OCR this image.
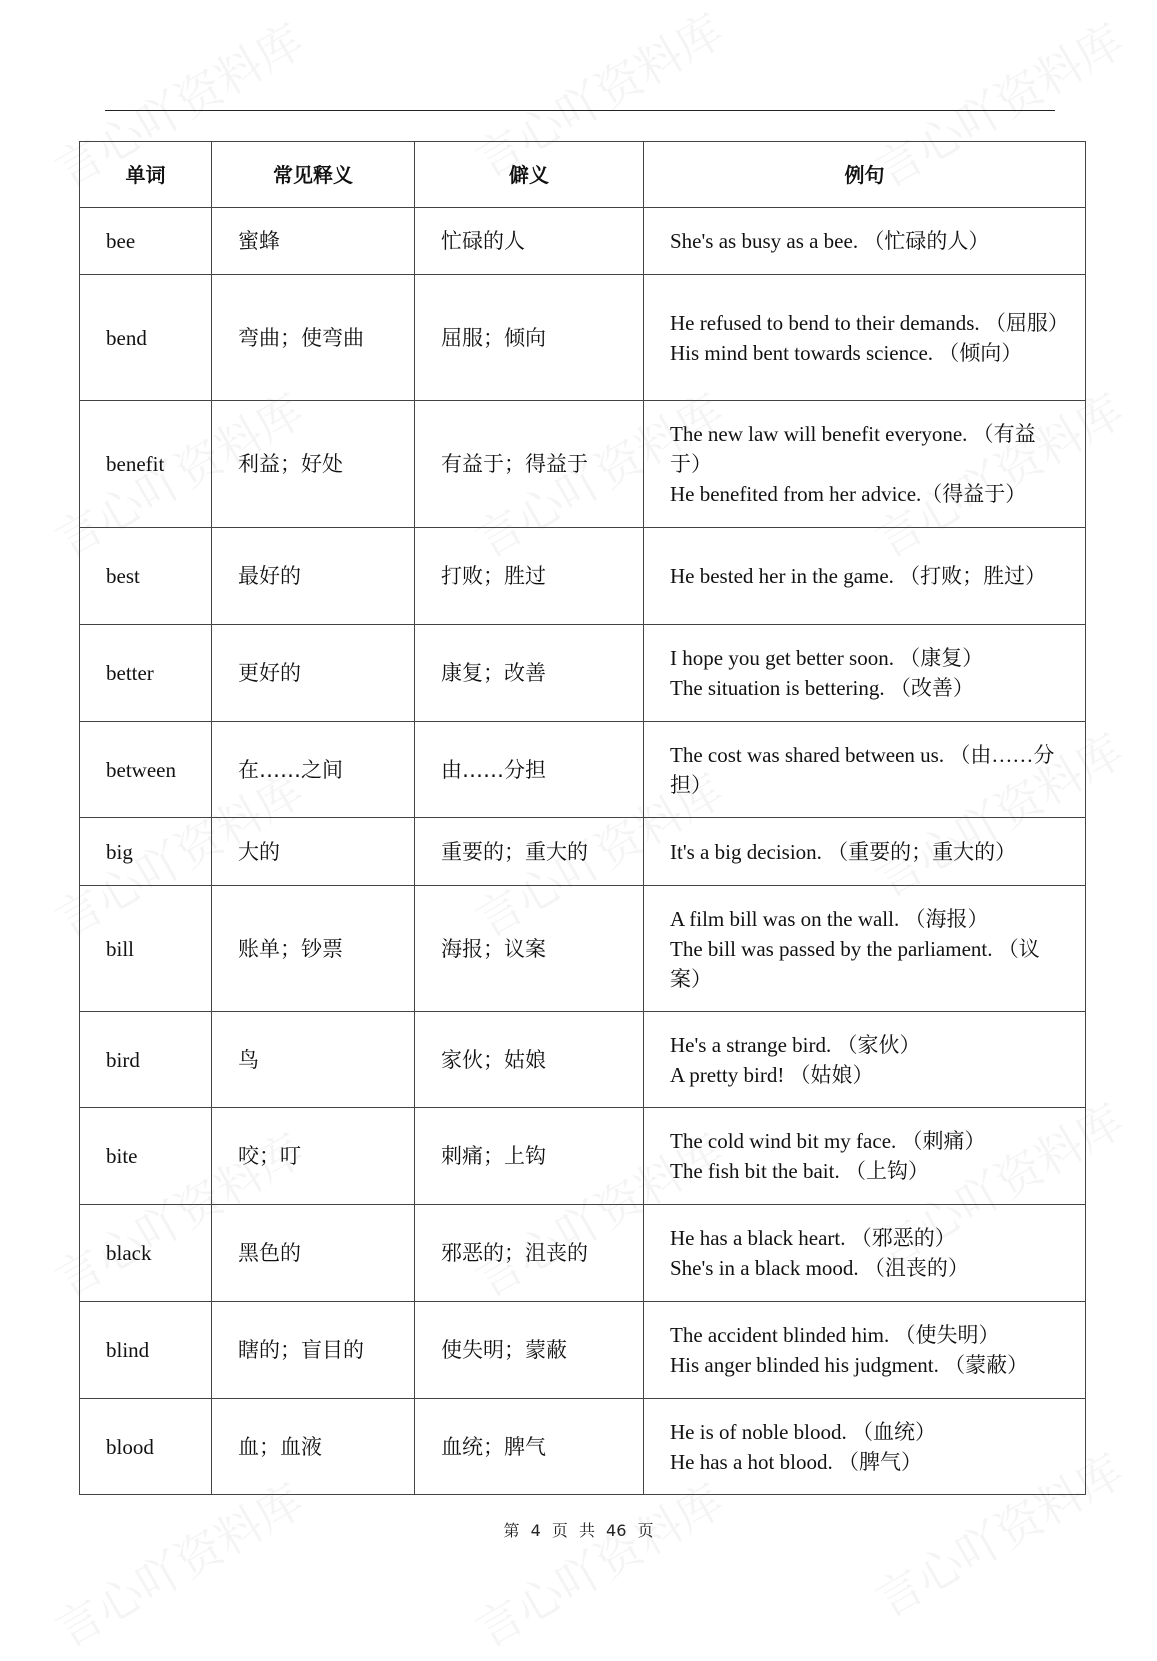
单词	常见释义	僻义	例句
bee	蜜蜂	忙碌的人	She's as busy as a bee. （忙碌的人）

bend	弯曲；使弯曲	屈服；倾向	He refused to bend to their demands. （屈服）
His mind bent towards science. （倾向）

benefit	利益；好处	有益于；得益于	The new law will benefit everyone. （有益于）
He benefited from her advice.（得益于）

best	最好的	打败；胜过	He bested her in the game. （打败；胜过）

better	更好的	康复；改善	I hope you get better soon. （康复）
The situation is bettering. （改善）

between	在……之间	由……分担	The cost was shared between us. （由……分担）

big	大的	重要的；重大的	It's a big decision. （重要的；重大的）

bill	账单；钞票	海报；议案	A film bill was on the wall. （海报）
The bill was passed by the parliament. （议案）

bird	鸟	家伙；姑娘	He's a strange bird. （家伙）
A pretty bird! （姑娘）

bite	咬；叮	刺痛；上钩	The cold wind bit my face. （刺痛）
The fish bit the bait. （上钩）

black	黑色的	邪恶的；沮丧的	He has a black heart. （邪恶的）
She's in a black mood. （沮丧的）

blind	瞎的；盲目的	使失明；蒙蔽	The accident blinded him. （使失明）
His anger blinded his judgment. （蒙蔽）

blood	血；血液	血统；脾气	He is of noble blood. （血统）
He has a hot blood. （脾气）
第 4 页 共 46 页
